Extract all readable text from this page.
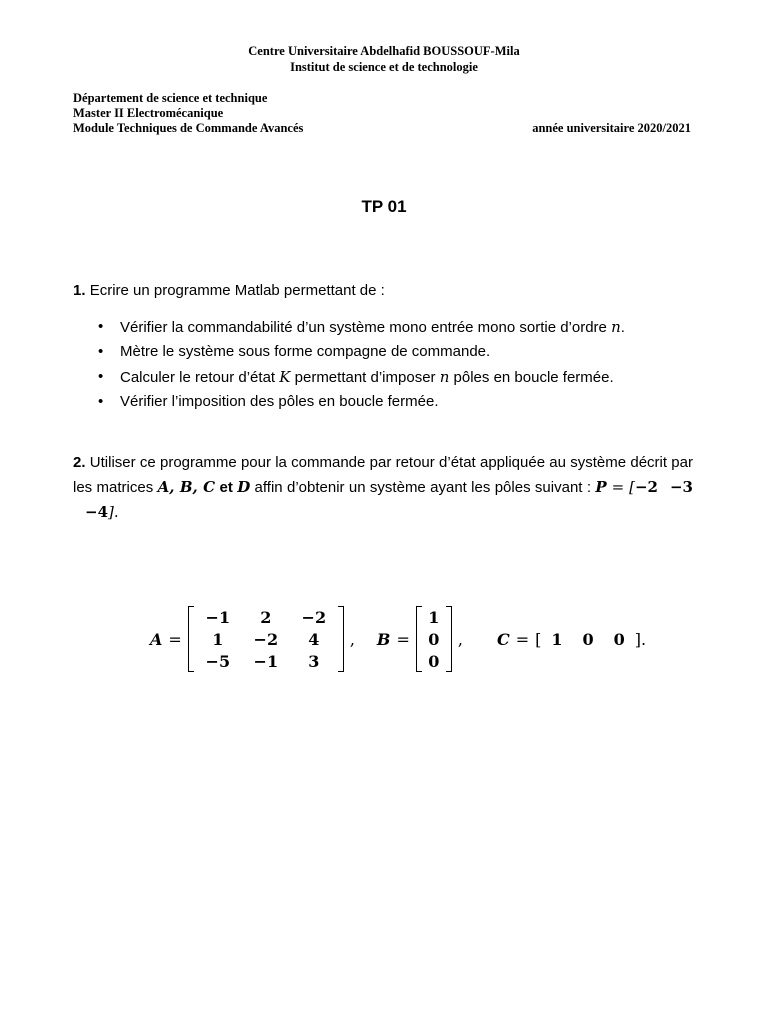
Centre Universitaire Abdelhafid BOUSSOUF-Mila
Institut de science et de technologie
Département de science et technique
Master II Electromécanique
Module Techniques de Commande Avancés	année universitaire 2020/2021
TP 01
1. Ecrire un programme Matlab permettant de :
• Vérifier la commandabilité d’un système mono entrée mono sortie d’ordre n.
• Mètre le système sous forme compagne de commande.
• Calculer le retour d’état K permettant d’imposer n pôles en boucle fermée.
• Vérifier l’imposition des pôles en boucle fermée.
2. Utiliser ce programme pour la commande par retour d’état appliquée au système décrit par les matrices A, B, C et D affin d’obtenir un système ayant les pôles suivant : P = [−2 −3−4].
A =
−1	2	−2
1	−2	4
−5	−1	3
,	B =
1
0
0
,	C = [ 1	0	0 ].
